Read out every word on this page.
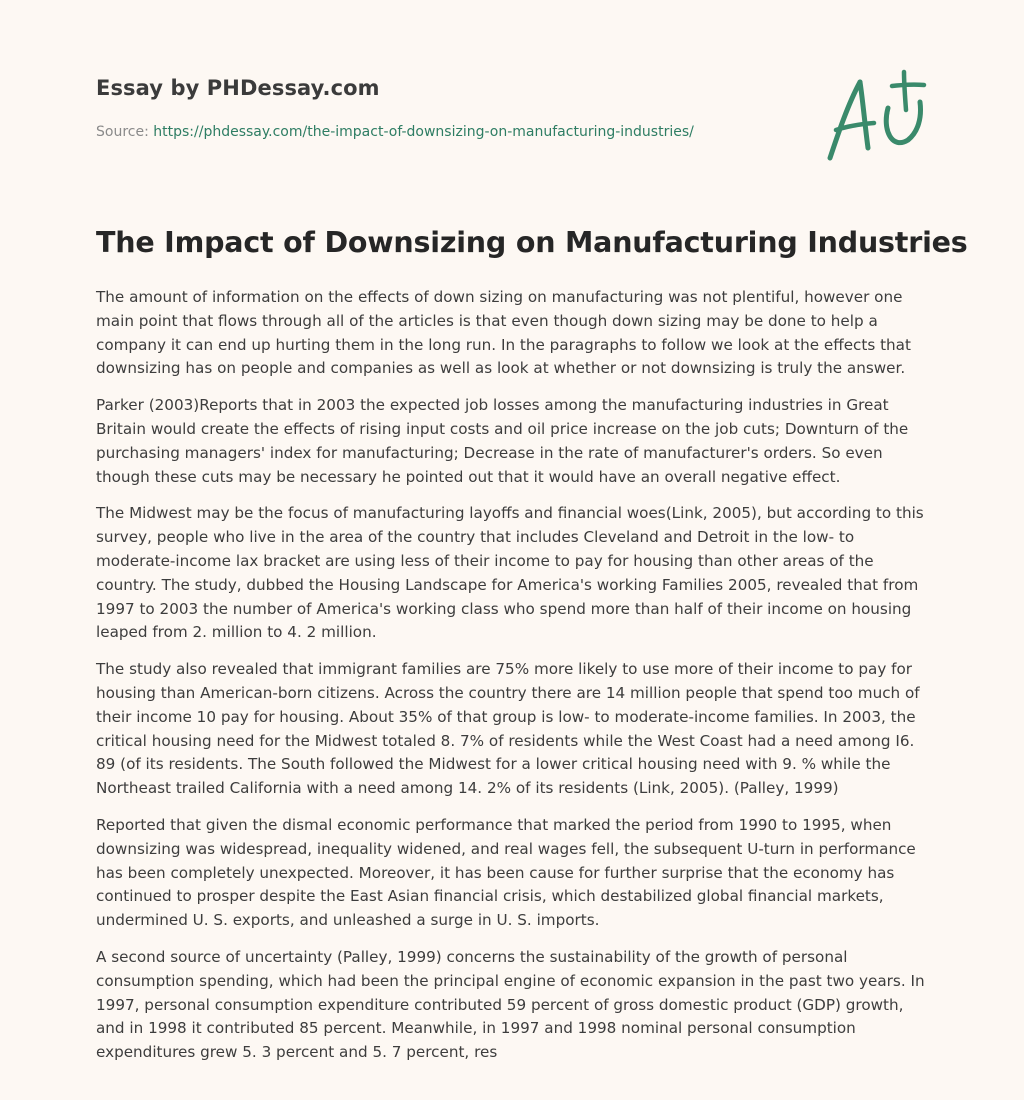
Essay by PHDessay.com
Source: https://phdessay.com/the-impact-of-downsizing-on-manufacturing-industries/
The Impact of Downsizing on Manufacturing Industries

The amount of information on the effects of down sizing on manufacturing was not plentiful, however one main point that flows through all of the articles is that even though down sizing may be done to help a company it can end up hurting them in the long run. In the paragraphs to follow we look at the effects that downsizing has on people and companies as well as look at whether or not downsizing is truly the answer.

Parker (2003)Reports that in 2003 the expected job losses among the manufacturing industries in Great Britain would create the effects of rising input costs and oil price increase on the job cuts; Downturn of the purchasing managers' index for manufacturing; Decrease in the rate of manufacturer's orders. So even though these cuts may be necessary he pointed out that it would have an overall negative effect.

The Midwest may be the focus of manufacturing layoffs and financial woes(Link, 2005), but according to this survey, people who live in the area of the country that includes Cleveland and Detroit in the low- to moderate-income lax bracket are using less of their income to pay for housing than other areas of the country. The study, dubbed the Housing Landscape for America's working Families 2005, revealed that from 1997 to 2003 the number of America's working class who spend more than half of their income on housing leaped from 2. million to 4. 2 million.

The study also revealed that immigrant families are 75% more likely to use more of their income to pay for housing than American-born citizens. Across the country there are 14 million people that spend too much of their income 10 pay for housing. About 35% of that group is low- to moderate-income families. In 2003, the critical housing need for the Midwest totaled 8. 7% of residents while the West Coast had a need among I6. 89 (of its residents. The South followed the Midwest for a lower critical housing need with 9. % while the Northeast trailed California with a need among 14. 2% of its residents (Link, 2005). (Palley, 1999)

Reported that given the dismal economic performance that marked the period from 1990 to 1995, when downsizing was widespread, inequality widened, and real wages fell, the subsequent U-turn in performance has been completely unexpected. Moreover, it has been cause for further surprise that the economy has continued to prosper despite the East Asian financial crisis, which destabilized global financial markets, undermined U. S. exports, and unleashed a surge in U. S. imports.

A second source of uncertainty (Palley, 1999) concerns the sustainability of the growth of personal consumption spending, which had been the principal engine of economic expansion in the past two years. In 1997, personal consumption expenditure contributed 59 percent of gross domestic product (GDP) growth, and in 1998 it contributed 85 percent. Meanwhile, in 1997 and 1998 nominal personal consumption expenditures grew 5. 3 percent and 5. 7 percent, res
